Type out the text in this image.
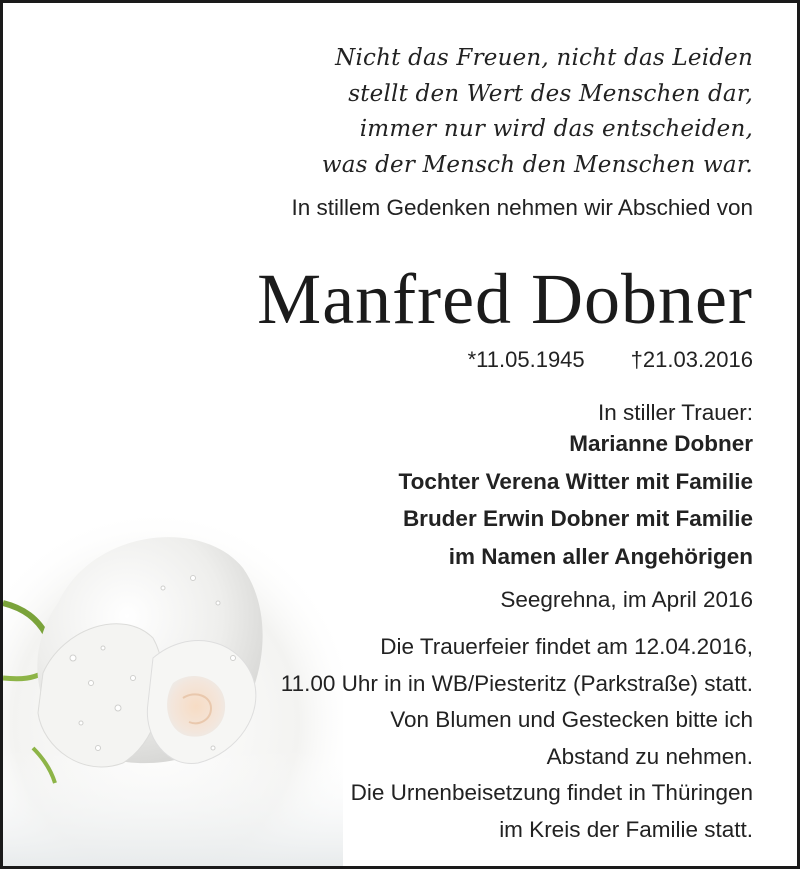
Nicht das Freuen, nicht das Leiden
stellt den Wert des Menschen dar,
immer nur wird das entscheiden,
was der Mensch den Menschen war.
In stillem Gedenken nehmen wir Abschied von
Manfred Dobner
*11.05.1945 †21.03.2016
In stiller Trauer:
Marianne Dobner
Tochter Verena Witter mit Familie
Bruder Erwin Dobner mit Familie
im Namen aller Angehörigen
Seegrehna, im April 2016
Die Trauerfeier findet am 12.04.2016,
11.00 Uhr in in WB/Piesteritz (Parkstraße) statt.
Von Blumen und Gestecken bitte ich
Abstand zu nehmen.
Die Urnenbeisetzung findet in Thüringen
im Kreis der Familie statt.
